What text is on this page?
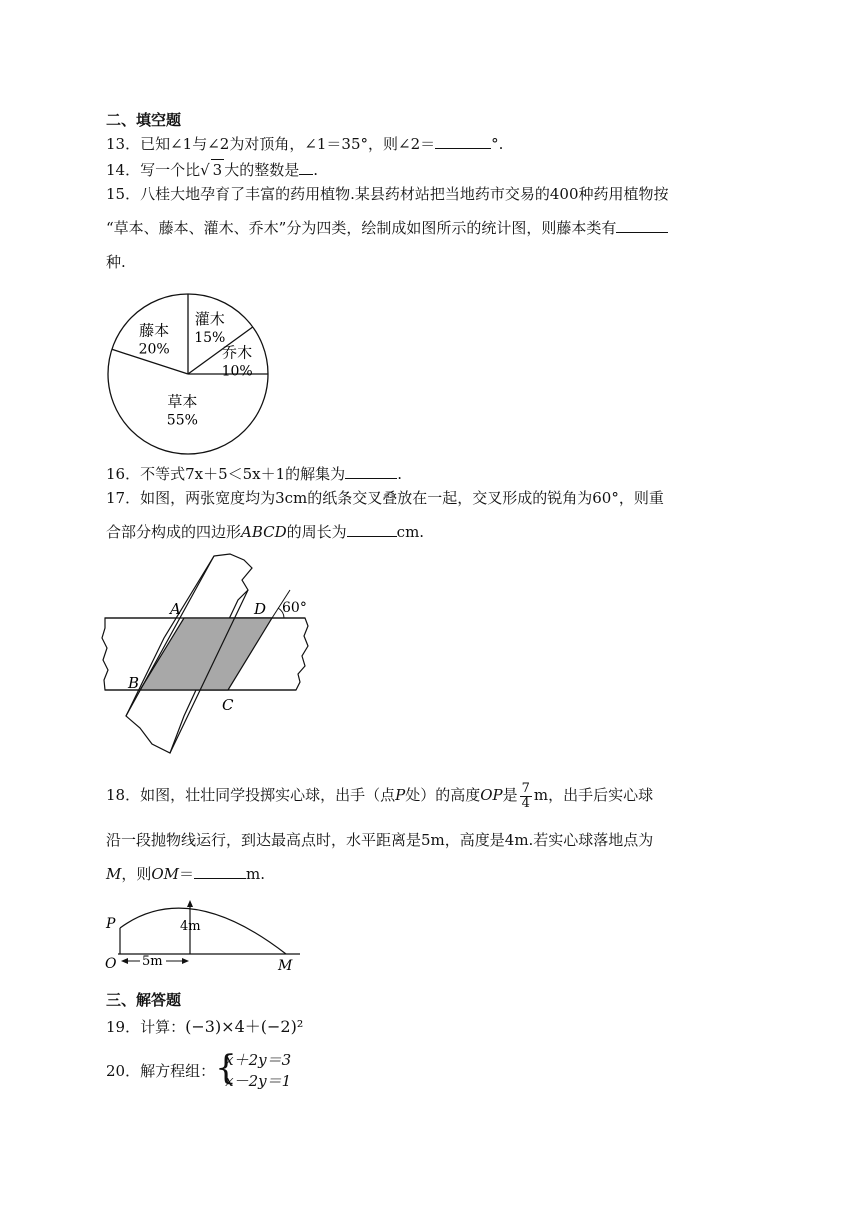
二、填空题
13．已知∠1与∠2为对顶角，∠1＝35°，则∠2＝	°.
14．写一个比√ 3 大的整数是 .
15．八桂大地孕育了丰富的药用植物.某县药材站把当地药市交易的400种药用植物按
“草本、藤本、灌木、乔木”分为四类，绘制成如图所示的统计图，则藤本类有
种.
藤本
20%
灌木
15%
乔木
10%
草本
55%
16．不等式7x＋5＜5x＋1的解集为	.
17．如图，两张宽度均为3cm的纸条交叉叠放在一起，交叉形成的锐角为60°，则重
合部分构成的四边形ABCD的周长为	cm.
A	D 60°
B
C
18．如图，壮壮同学投掷实心球，出手（点P处）的高度OP是 $\frac{7}{4}$ m，出手后实心球
沿一段抛物线运行，到达最高点时，水平距离是5m，高度是4m.若实心球落地点为
M，则OM＝	m.
P
O	M
4m
5m
三、解答题
19．计算：(−3)×4＋(−2)²
20．解方程组： {
x＋2y＝3
x－2y＝1
